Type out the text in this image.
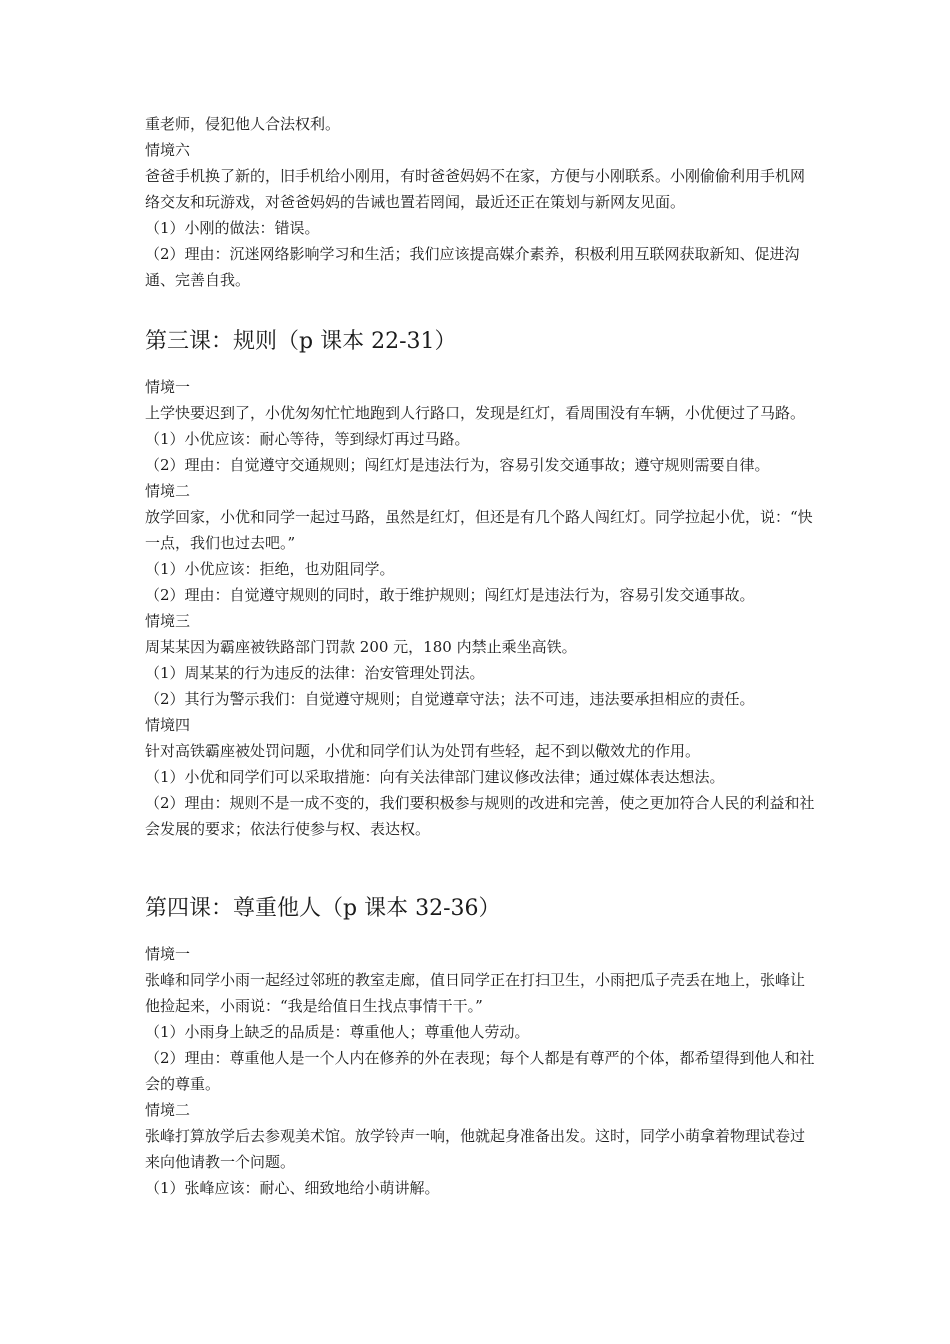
重老师，侵犯他人合法权利。
情境六
爸爸手机换了新的，旧手机给小刚用，有时爸爸妈妈不在家，方便与小刚联系。小刚偷偷利用手机网络交友和玩游戏，对爸爸妈妈的告诫也置若罔闻，最近还正在策划与新网友见面。
（1）小刚的做法：错误。
（2）理由：沉迷网络影响学习和生活；我们应该提高媒介素养，积极利用互联网获取新知、促进沟通、完善自我。
第三课：规则（p 课本 22-31）
情境一
上学快要迟到了，小优匆匆忙忙地跑到人行路口，发现是红灯，看周围没有车辆，小优便过了马路。
（1）小优应该：耐心等待，等到绿灯再过马路。
（2）理由：自觉遵守交通规则；闯红灯是违法行为，容易引发交通事故；遵守规则需要自律。
情境二
放学回家，小优和同学一起过马路，虽然是红灯，但还是有几个路人闯红灯。同学拉起小优，说：“快一点，我们也过去吧。”
（1）小优应该：拒绝，也劝阻同学。
（2）理由：自觉遵守规则的同时，敢于维护规则；闯红灯是违法行为，容易引发交通事故。
情境三
周某某因为霸座被铁路部门罚款 200 元，180 内禁止乘坐高铁。
（1）周某某的行为违反的法律：治安管理处罚法。
（2）其行为警示我们：自觉遵守规则；自觉遵章守法；法不可违，违法要承担相应的责任。
情境四
针对高铁霸座被处罚问题，小优和同学们认为处罚有些轻，起不到以儆效尤的作用。
（1）小优和同学们可以采取措施：向有关法律部门建议修改法律；通过媒体表达想法。
（2）理由：规则不是一成不变的，我们要积极参与规则的改进和完善，使之更加符合人民的利益和社会发展的要求；依法行使参与权、表达权。
第四课：尊重他人（p 课本 32-36）
情境一
张峰和同学小雨一起经过邻班的教室走廊，值日同学正在打扫卫生，小雨把瓜子壳丢在地上，张峰让他捡起来，小雨说：“我是给值日生找点事情干干。”
（1）小雨身上缺乏的品质是：尊重他人；尊重他人劳动。
（2）理由：尊重他人是一个人内在修养的外在表现；每个人都是有尊严的个体，都希望得到他人和社会的尊重。
情境二
张峰打算放学后去参观美术馆。放学铃声一响，他就起身准备出发。这时，同学小萌拿着物理试卷过来向他请教一个问题。
（1）张峰应该：耐心、细致地给小萌讲解。
